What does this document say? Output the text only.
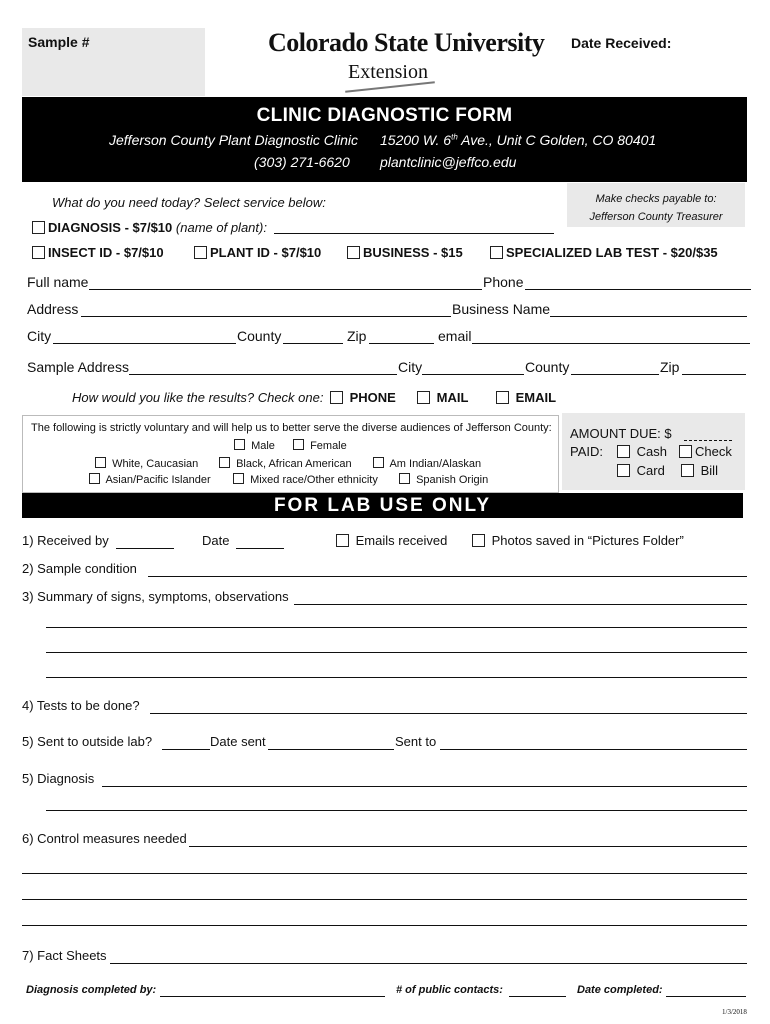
Sample #	Colorado State University
Extension
Date Received:
CLINIC DIAGNOSTIC FORM
Jefferson County Plant Diagnostic Clinic 15200 W. 6th Ave., Unit C Golden, CO 80401
(303) 271-6620 plantclinic@jeffco.edu
Make checks payable to:
Jefferson County Treasurer
What do you need today? Select service below:
DIAGNOSIS - $7/$10 (name of plant):
INSECT ID - $7/$10	PLANT ID - $7/$10	BUSINESS - $15	SPECIALIZED LAB TEST - $20/$35
Full name	Phone
Address	Business Name
City	County	Zip	email
Sample Address	City	County	Zip
How would you like the results? Check one:	PHONE	MAIL	EMAIL
The following is strictly voluntary and will help us to better serve the diverse audiences of Jefferson County:
Male	Female
White, Caucasian	Black, African American	Am Indian/Alaskan
Asian/Pacific Islander	Mixed race/Other ethnicity	Spanish Origin
AMOUNT DUE: $
PAID:	Cash	Check
Card	Bill
FOR LAB USE ONLY
1) Received by	Date	Emails received	Photos saved in “Pictures Folder”
2) Sample condition
3) Summary of signs, symptoms, observations
4) Tests to be done?
5) Sent to outside lab?	Date sent	Sent to
5) Diagnosis
6) Control measures needed
7) Fact Sheets
Diagnosis completed by:	# of public contacts:	Date completed:
1/3/2018
